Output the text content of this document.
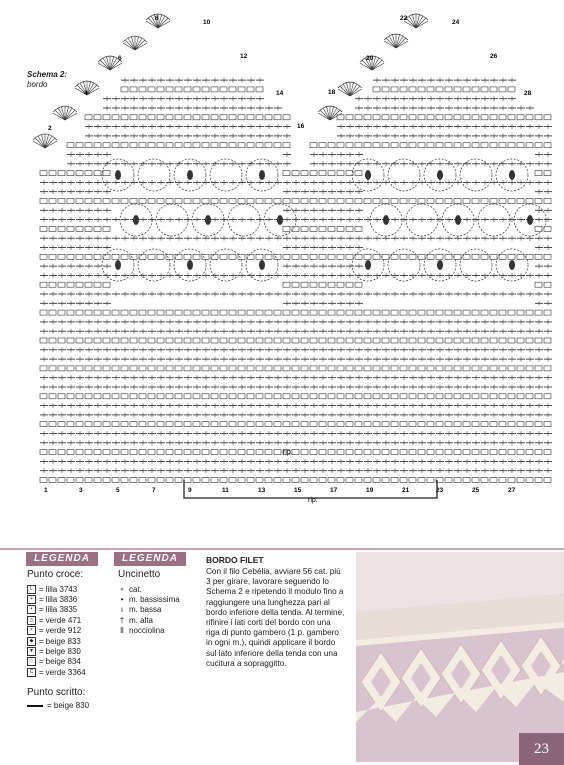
2
4
6
8
10
12
14
16
18
20
22
24
26
28
1	3	5	7	9	11	13	15	17	19	21	23	25	27
rip.
rip.
Schema 2:
bordo
LEGENDA
Punto croce:
L = lilla 3743
+ = lilla 3836
• = lilla 3835
△ = verde 471
× = verde 912
◆ = beige 833
▼ = beige 830
○ = beige 834
C = verde 3364
Punto scritto:
= beige 830
LEGENDA
Uncinetto
∘ cat.
• m. bassissima
ı m. bassa
† m. alta
⦀ nocciolina
BORDO FILET
Con il filo Cebélia, avviare 56 cat. più 3 per girare, lavorare seguendo lo Schema 2 e ripetendo il modulo fino a raggiungere una lunghezza pari al bordo inferiore della tenda. Al termine, rifinire i lati corti del bordo con una riga di punto gambero (1 p. gambero in ogni m.), quindi applicare il bordo sul lato inferiore della tenda con una cucitura a sopraggitto.
23
